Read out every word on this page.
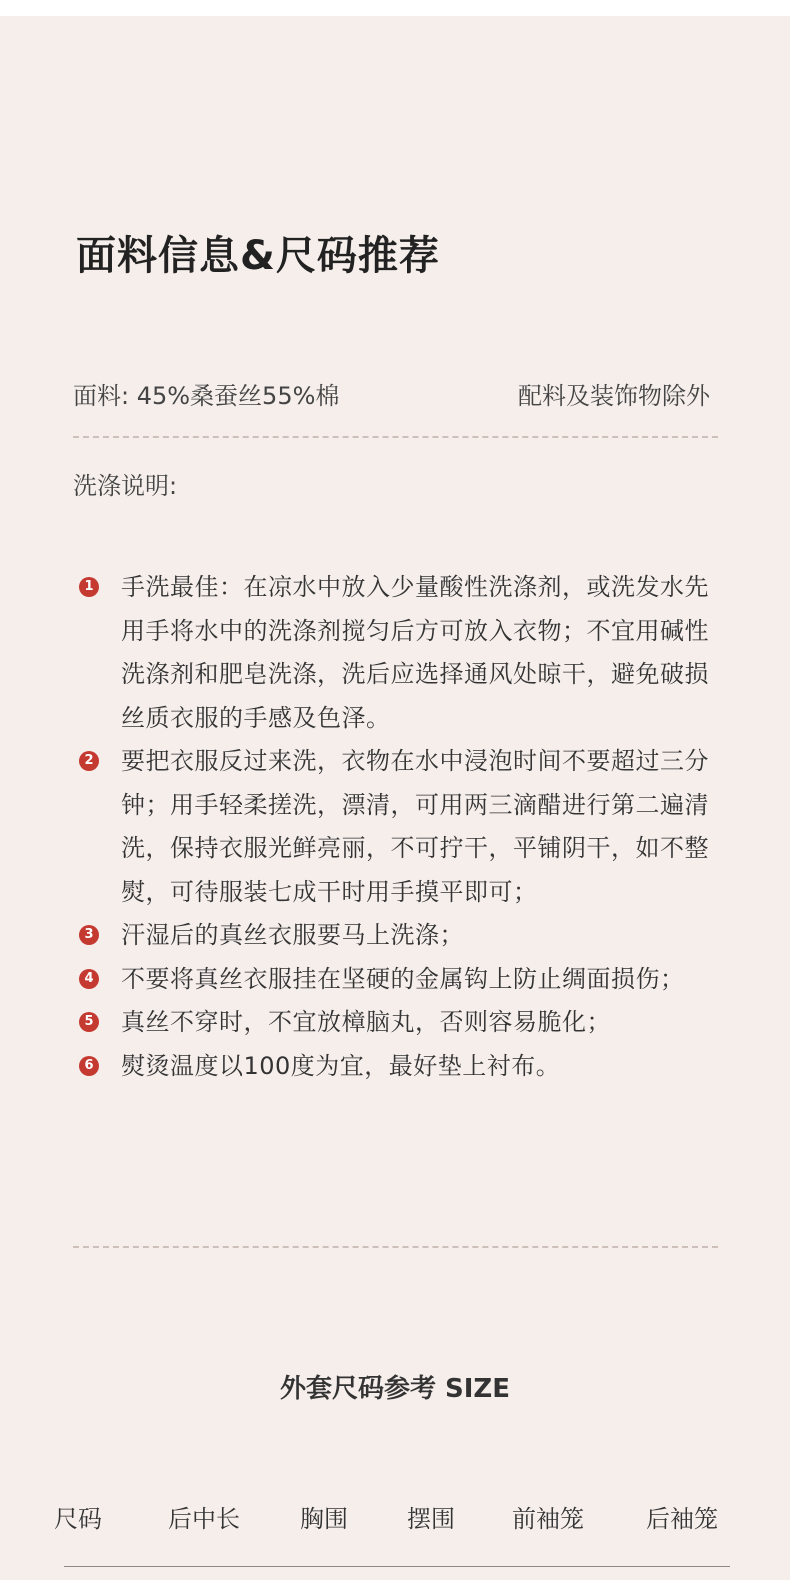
面料信息&尺码推荐
面料: 45%桑蚕丝55%棉	配料及装饰物除外
洗涤说明:
1 手洗最佳：在凉水中放入少量酸性洗涤剂，或洗发水先用手将水中的洗涤剂搅匀后方可放入衣物；不宜用碱性洗涤剂和肥皂洗涤，洗后应选择通风处晾干，避免破损丝质衣服的手感及色泽。
2 要把衣服反过来洗，衣物在水中浸泡时间不要超过三分钟；用手轻柔搓洗，漂清，可用两三滴醋进行第二遍清洗，保持衣服光鲜亮丽，不可拧干，平铺阴干，如不整熨，可待服装七成干时用手摸平即可；
3 汗湿后的真丝衣服要马上洗涤；
4 不要将真丝衣服挂在坚硬的金属钩上防止绸面损伤；
5 真丝不穿时，不宜放樟脑丸，否则容易脆化；
6 熨烫温度以100度为宜，最好垫上衬布。
外套尺码参考 SIZE
尺码	后中长	胸围 摆围 前袖笼	后袖笼
